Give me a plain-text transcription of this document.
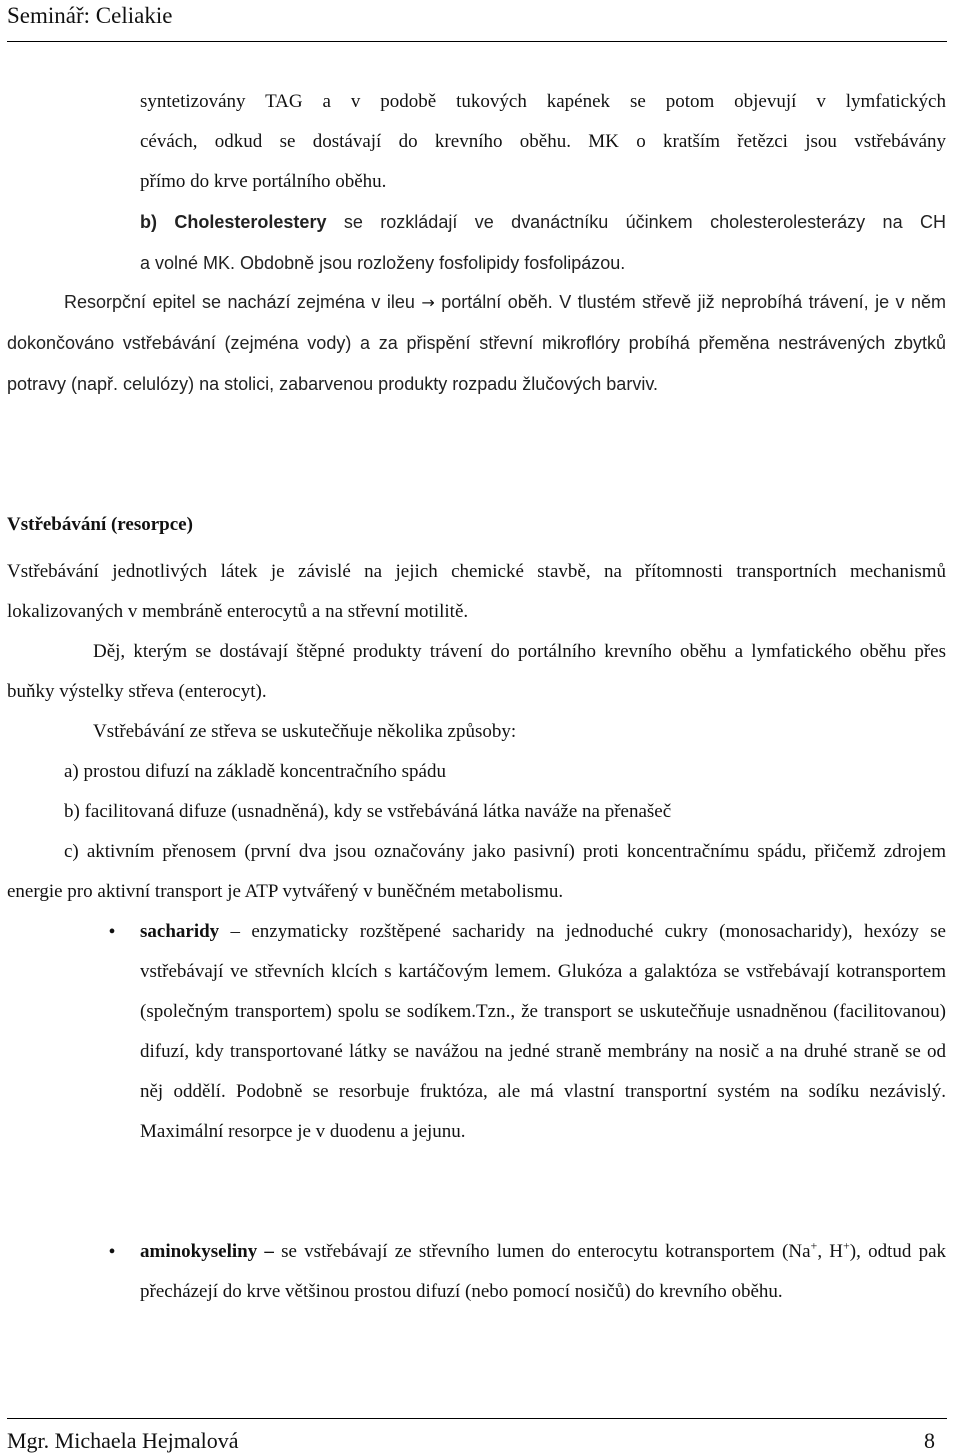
Seminář: Celiakie
syntetizovány TAG a v podobě tukových kapének se potom objevují v lymfatických
cévách, odkud se dostávají do krevního oběhu. MK o kratším řetězci jsou vstřebávány
přímo do krve portálního oběhu.
b) Cholesterolestery se rozkládají ve dvanáctníku účinkem cholesterolesterázy na CH
a volné MK. Obdobně jsou rozloženy fosfolipidy fosfolipázou.
Resorpční epitel se nachází zejména v ileu → portální oběh. V tlustém střevě již neprobíhá trávení, je v něm dokončováno vstřebávání (zejména vody) a za přispění střevní mikroflóry probíhá přeměna nestrávených zbytků potravy (např. celulózy) na stolici, zabarvenou produkty rozpadu žlučových barviv.
Vstřebávání (resorpce)
Vstřebávání jednotlivých látek je závislé na jejich chemické stavbě, na přítomnosti transportních mechanismů lokalizovaných v membráně enterocytů a na střevní motilitě.
Děj, kterým se dostávají štěpné produkty trávení do portálního krevního oběhu a lymfatického oběhu přes buňky výstelky střeva (enterocyt).
Vstřebávání ze střeva se uskutečňuje několika způsoby:
a) prostou difuzí na základě koncentračního spádu
b) facilitovaná difuze (usnadněná), kdy se vstřebáváná látka naváže na přenašeč
c) aktivním přenosem (první dva jsou označovány jako pasivní) proti koncentračnímu spádu, přičemž zdrojem energie pro aktivní transport je ATP vytvářený v buněčném metabolismu.
•	sacharidy – enzymaticky rozštěpené sacharidy na jednoduché cukry (monosacharidy), hexózy se vstřebávají ve střevních klcích s kartáčovým lemem. Glukóza a galaktóza se vstřebávají kotransportem (společným transportem) spolu se sodíkem.Tzn., že transport se uskutečňuje usnadněnou (facilitovanou) difuzí, kdy transportované látky se navážou na jedné straně membrány na nosič a na druhé straně se od něj oddělí. Podobně se resorbuje fruktóza, ale má vlastní transportní systém na sodíku nezávislý. Maximální resorpce je v duodenu a jejunu.
•	aminokyseliny – se vstřebávají ze střevního lumen do enterocytu kotransportem (Na+, H+), odtud pak přecházejí do krve většinou prostou difuzí (nebo pomocí nosičů) do krevního oběhu.
Mgr. Michaela Hejmalová	8
